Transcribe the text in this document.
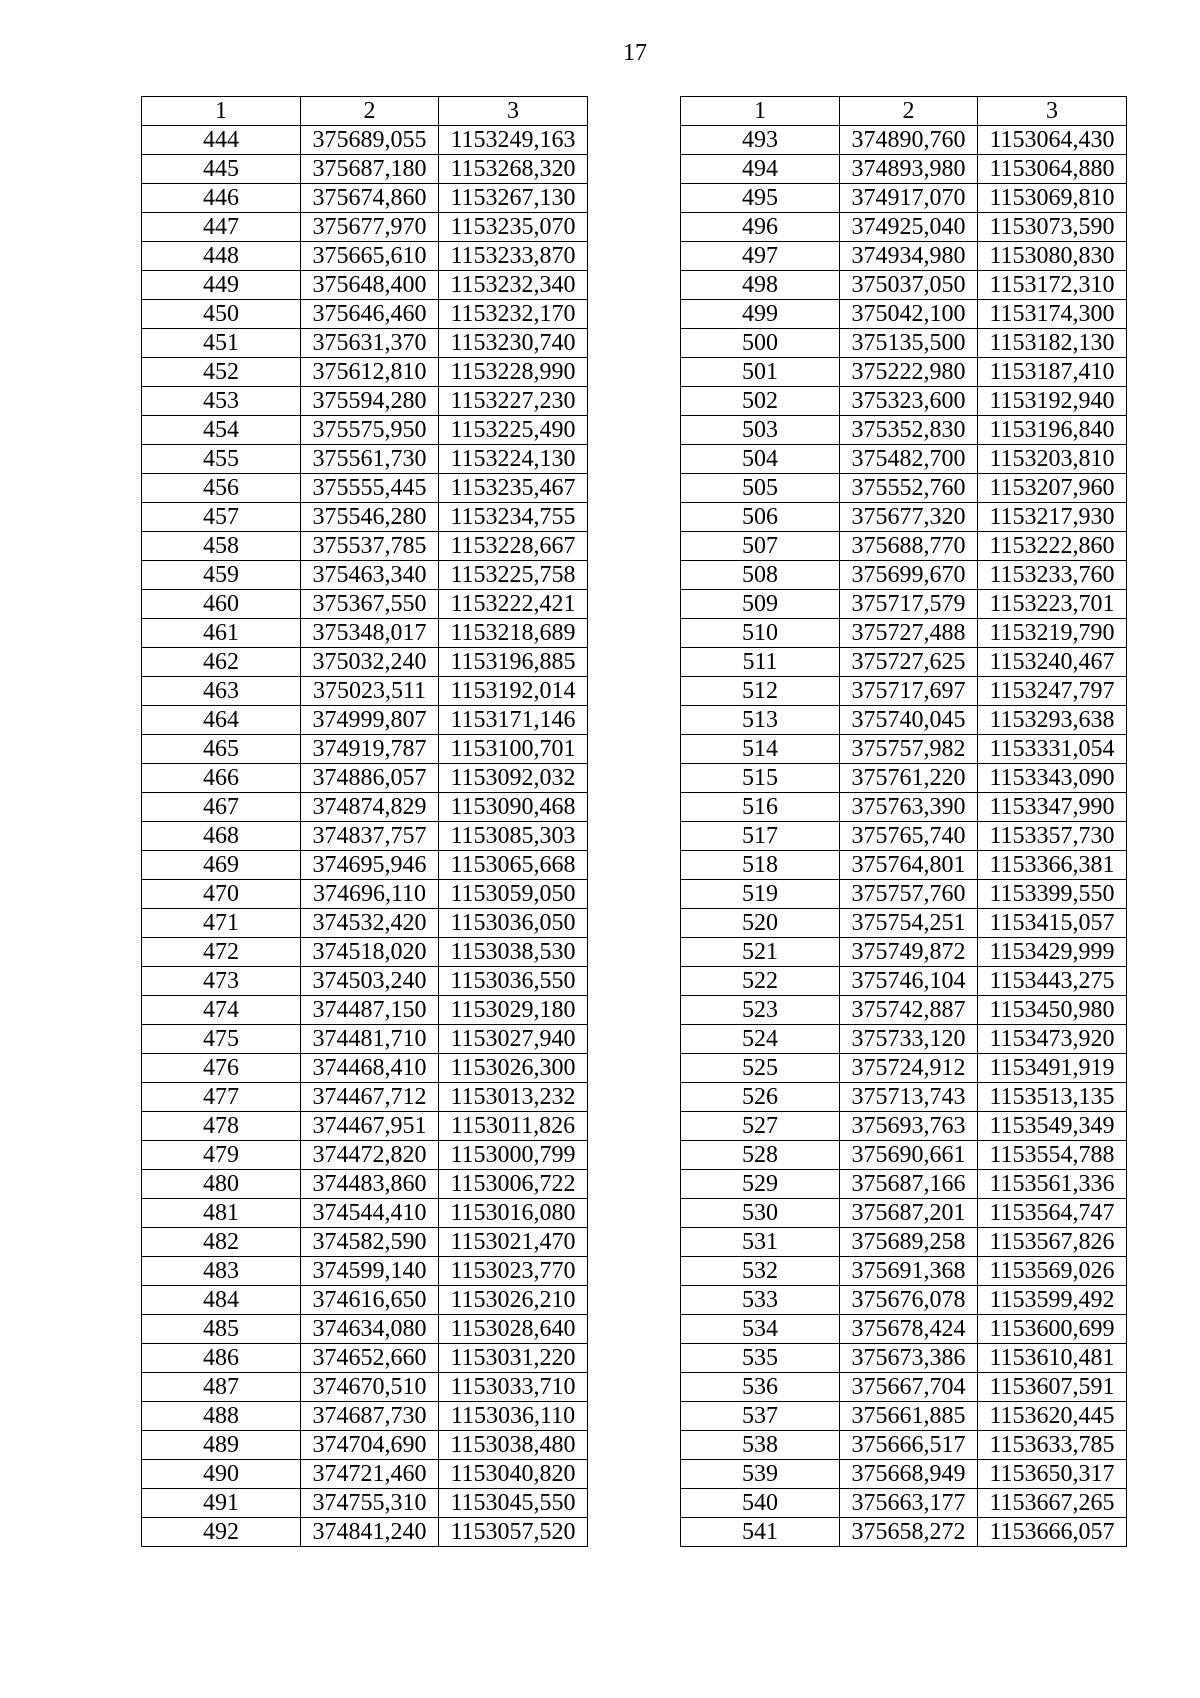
17
1	2	3
444	375689,055	1153249,163
445	375687,180	1153268,320
446	375674,860	1153267,130
447	375677,970	1153235,070
448	375665,610	1153233,870
449	375648,400	1153232,340
450	375646,460	1153232,170
451	375631,370	1153230,740
452	375612,810	1153228,990
453	375594,280	1153227,230
454	375575,950	1153225,490
455	375561,730	1153224,130
456	375555,445	1153235,467
457	375546,280	1153234,755
458	375537,785	1153228,667
459	375463,340	1153225,758
460	375367,550	1153222,421
461	375348,017	1153218,689
462	375032,240	1153196,885
463	375023,511	1153192,014
464	374999,807	1153171,146
465	374919,787	1153100,701
466	374886,057	1153092,032
467	374874,829	1153090,468
468	374837,757	1153085,303
469	374695,946	1153065,668
470	374696,110	1153059,050
471	374532,420	1153036,050
472	374518,020	1153038,530
473	374503,240	1153036,550
474	374487,150	1153029,180
475	374481,710	1153027,940
476	374468,410	1153026,300
477	374467,712	1153013,232
478	374467,951	1153011,826
479	374472,820	1153000,799
480	374483,860	1153006,722
481	374544,410	1153016,080
482	374582,590	1153021,470
483	374599,140	1153023,770
484	374616,650	1153026,210
485	374634,080	1153028,640
486	374652,660	1153031,220
487	374670,510	1153033,710
488	374687,730	1153036,110
489	374704,690	1153038,480
490	374721,460	1153040,820
491	374755,310	1153045,550
492	374841,240	1153057,520
1	2	3
493	374890,760	1153064,430
494	374893,980	1153064,880
495	374917,070	1153069,810
496	374925,040	1153073,590
497	374934,980	1153080,830
498	375037,050	1153172,310
499	375042,100	1153174,300
500	375135,500	1153182,130
501	375222,980	1153187,410
502	375323,600	1153192,940
503	375352,830	1153196,840
504	375482,700	1153203,810
505	375552,760	1153207,960
506	375677,320	1153217,930
507	375688,770	1153222,860
508	375699,670	1153233,760
509	375717,579	1153223,701
510	375727,488	1153219,790
511	375727,625	1153240,467
512	375717,697	1153247,797
513	375740,045	1153293,638
514	375757,982	1153331,054
515	375761,220	1153343,090
516	375763,390	1153347,990
517	375765,740	1153357,730
518	375764,801	1153366,381
519	375757,760	1153399,550
520	375754,251	1153415,057
521	375749,872	1153429,999
522	375746,104	1153443,275
523	375742,887	1153450,980
524	375733,120	1153473,920
525	375724,912	1153491,919
526	375713,743	1153513,135
527	375693,763	1153549,349
528	375690,661	1153554,788
529	375687,166	1153561,336
530	375687,201	1153564,747
531	375689,258	1153567,826
532	375691,368	1153569,026
533	375676,078	1153599,492
534	375678,424	1153600,699
535	375673,386	1153610,481
536	375667,704	1153607,591
537	375661,885	1153620,445
538	375666,517	1153633,785
539	375668,949	1153650,317
540	375663,177	1153667,265
541	375658,272	1153666,057
